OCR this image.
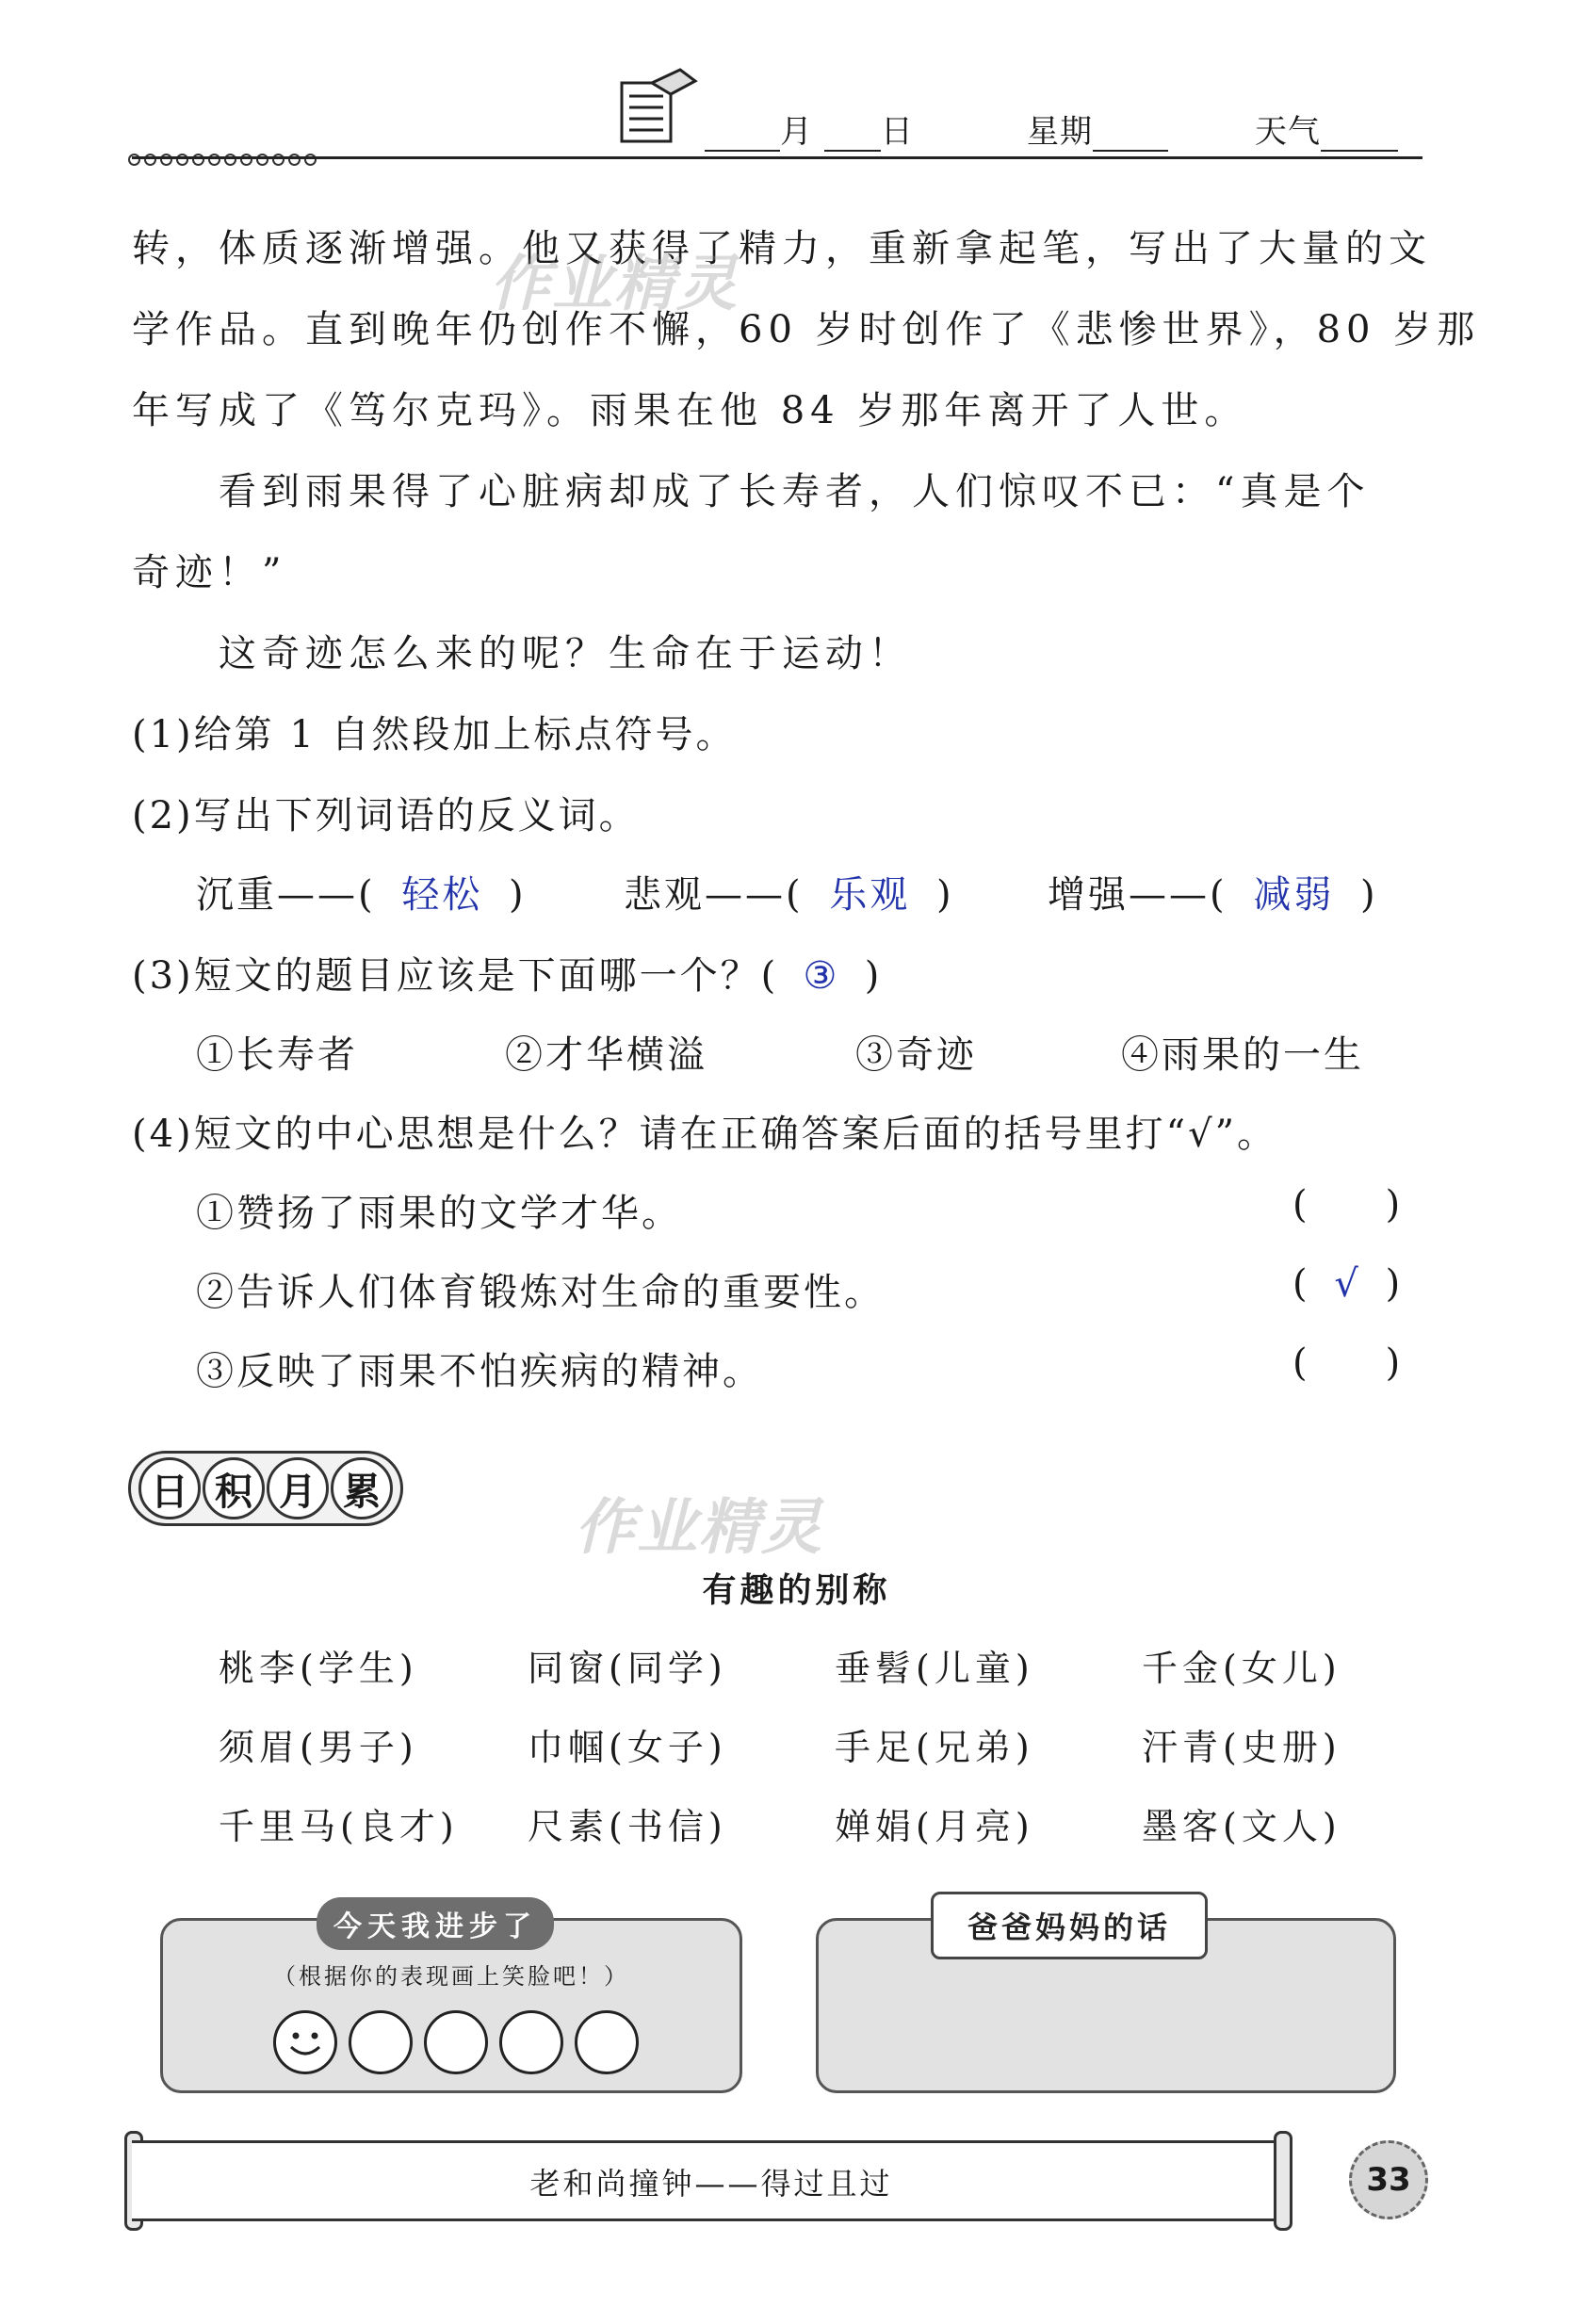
月 日	星期	天气
转，体质逐渐增强。他又获得了精力，重新拿起笔，写出了大量的文
学作品。直到晚年仍创作不懈，60 岁时创作了《悲惨世界》，80 岁那
年写成了《笃尔克玛》。雨果在他 84 岁那年离开了人世。
看到雨果得了心脏病却成了长寿者，人们惊叹不已：“真是个
奇迹！”
这奇迹怎么来的呢？生命在于运动！
(1)给第 1 自然段加上标点符号。
(2)写出下列词语的反义词。
沉重——( 轻松 )	悲观——( 乐观 ) 增强——( 减弱 )
(3)短文的题目应该是下面哪一个？( ③ )
①长寿者	②才华横溢	③奇迹	④雨果的一生
(4)短文的中心思想是什么？请在正确答案后面的括号里打“√”。
①赞扬了雨果的文学才华。	( )
②告诉人们体育锻炼对生命的重要性。	( √ )
③反映了雨果不怕疾病的精神。	( )
日 积 月 累
有趣的别称
桃李(学生)	同窗(同学)	垂髫(儿童)	千金(女儿)
须眉(男子)	巾帼(女子)	手足(兄弟)	汗青(史册)
千里马(良才) 尺素(书信)	婵娟(月亮)	墨客(文人)
今天我进步了
（根据你的表现画上笑脸吧！）
爸爸妈妈的话
老和尚撞钟——得过且过	33
作业精灵
作业精灵
